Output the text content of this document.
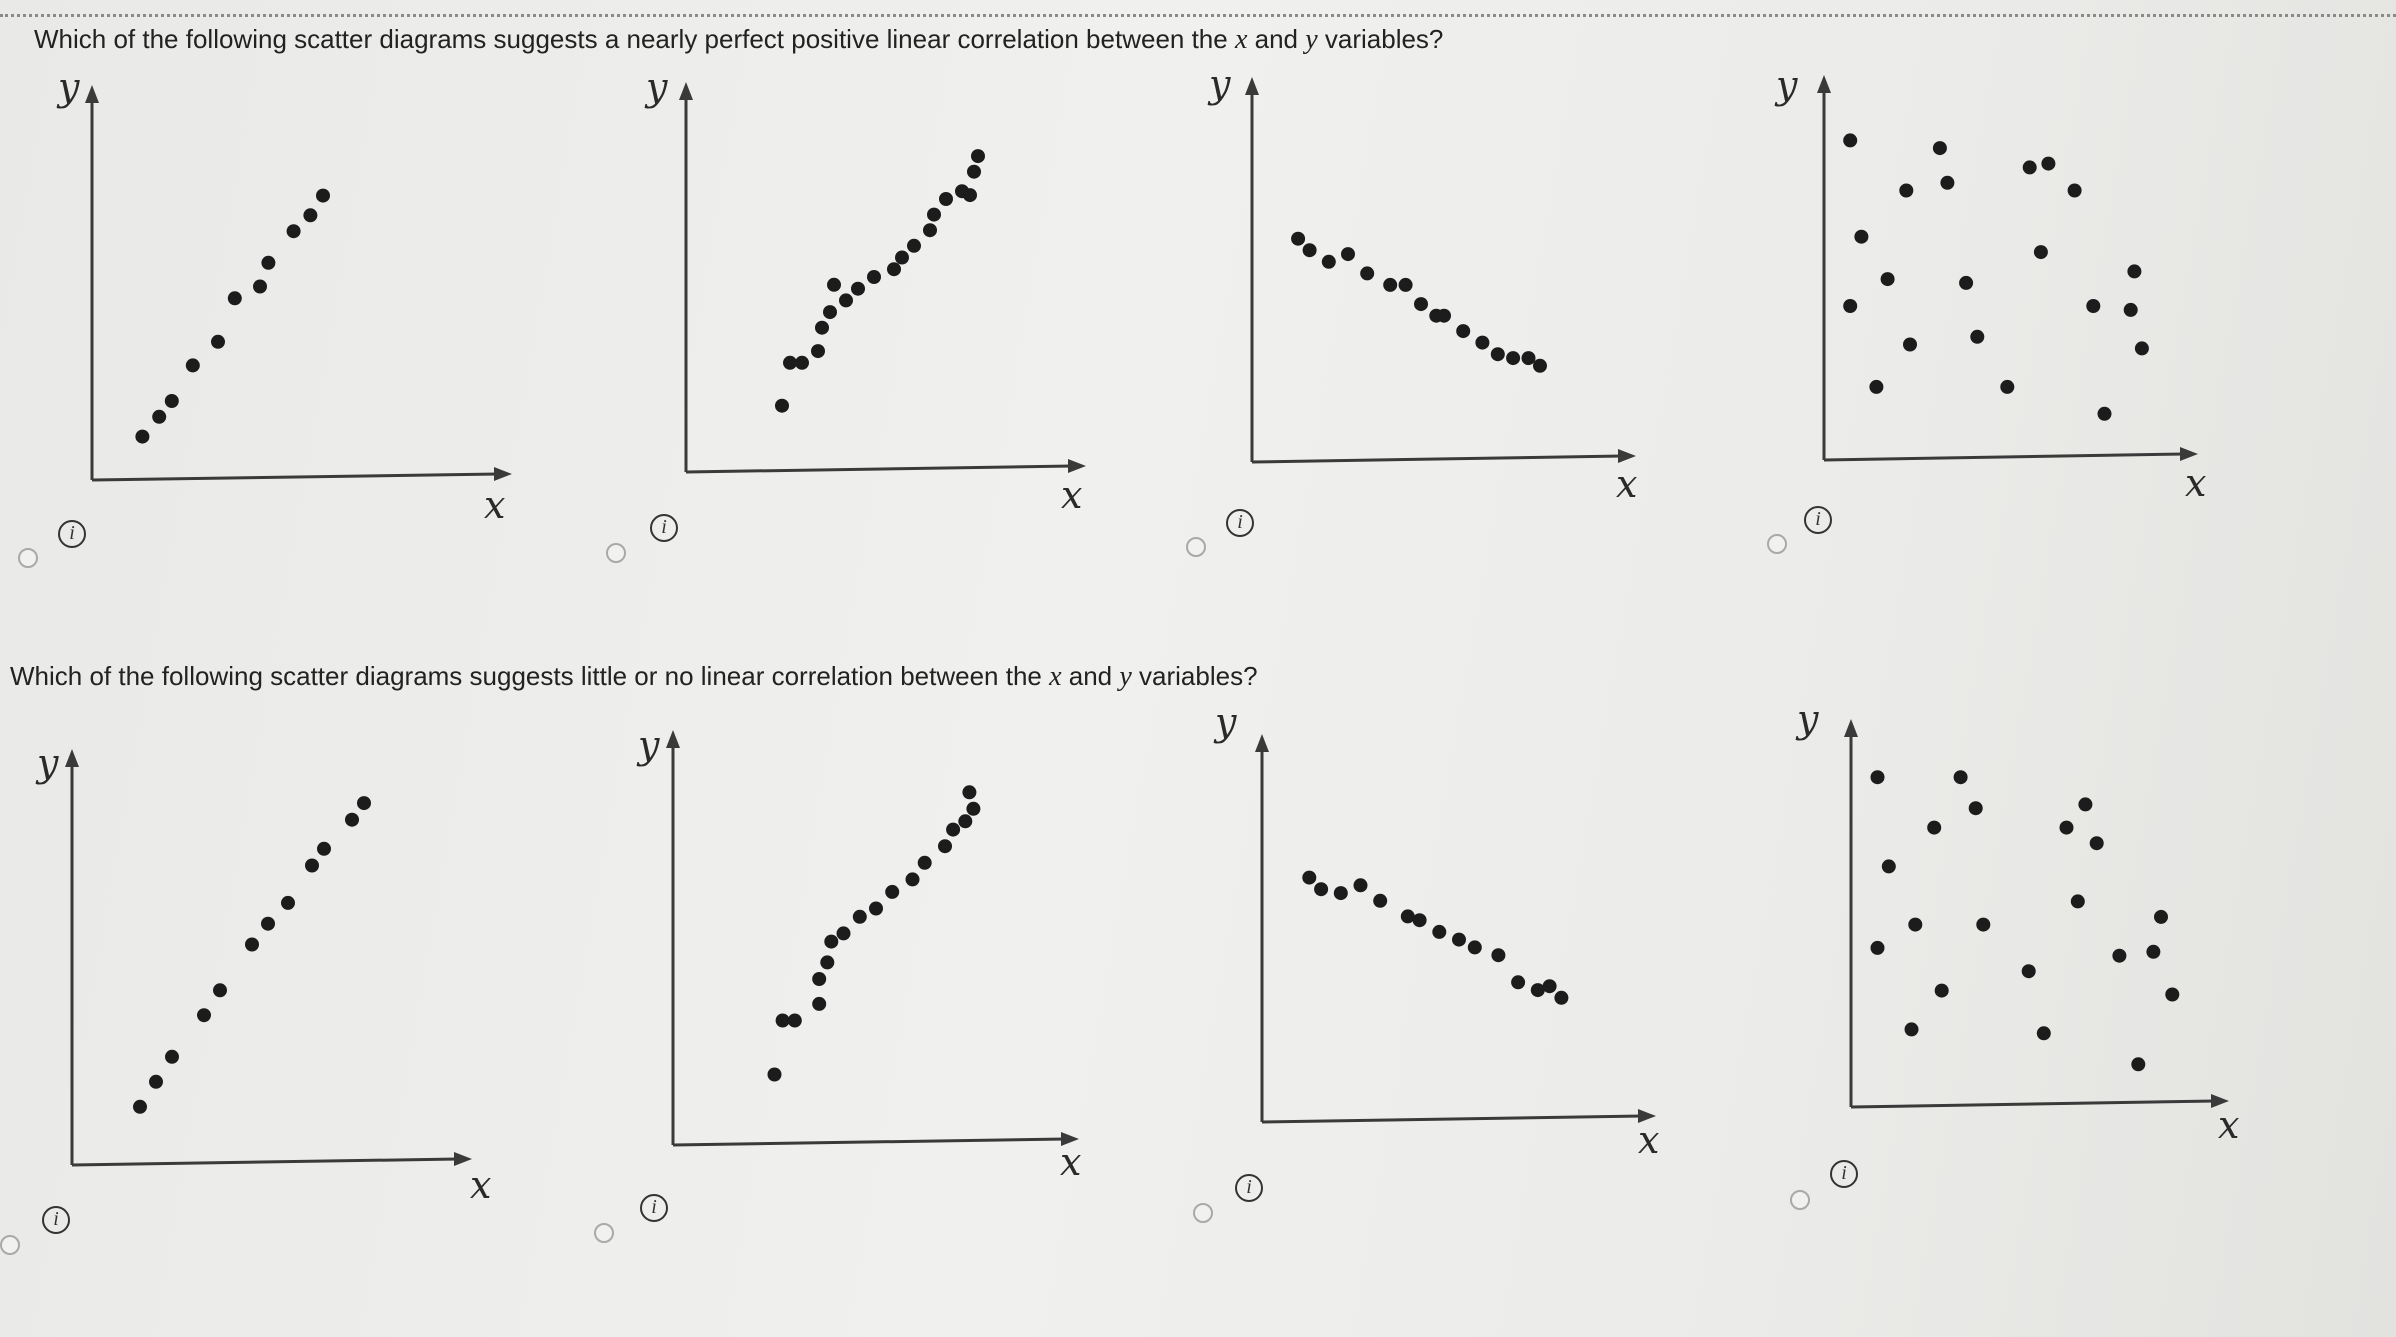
Which of the following scatter diagrams suggests a nearly perfect positive linear correlation between the x and y variables?
Which of the following scatter diagrams suggests little or no linear correlation between the x and y variables?
y
x
y
x
y
x
y
x
y
x
y
x
y
x
y
x
i	i	i	i
i
i
i
i
